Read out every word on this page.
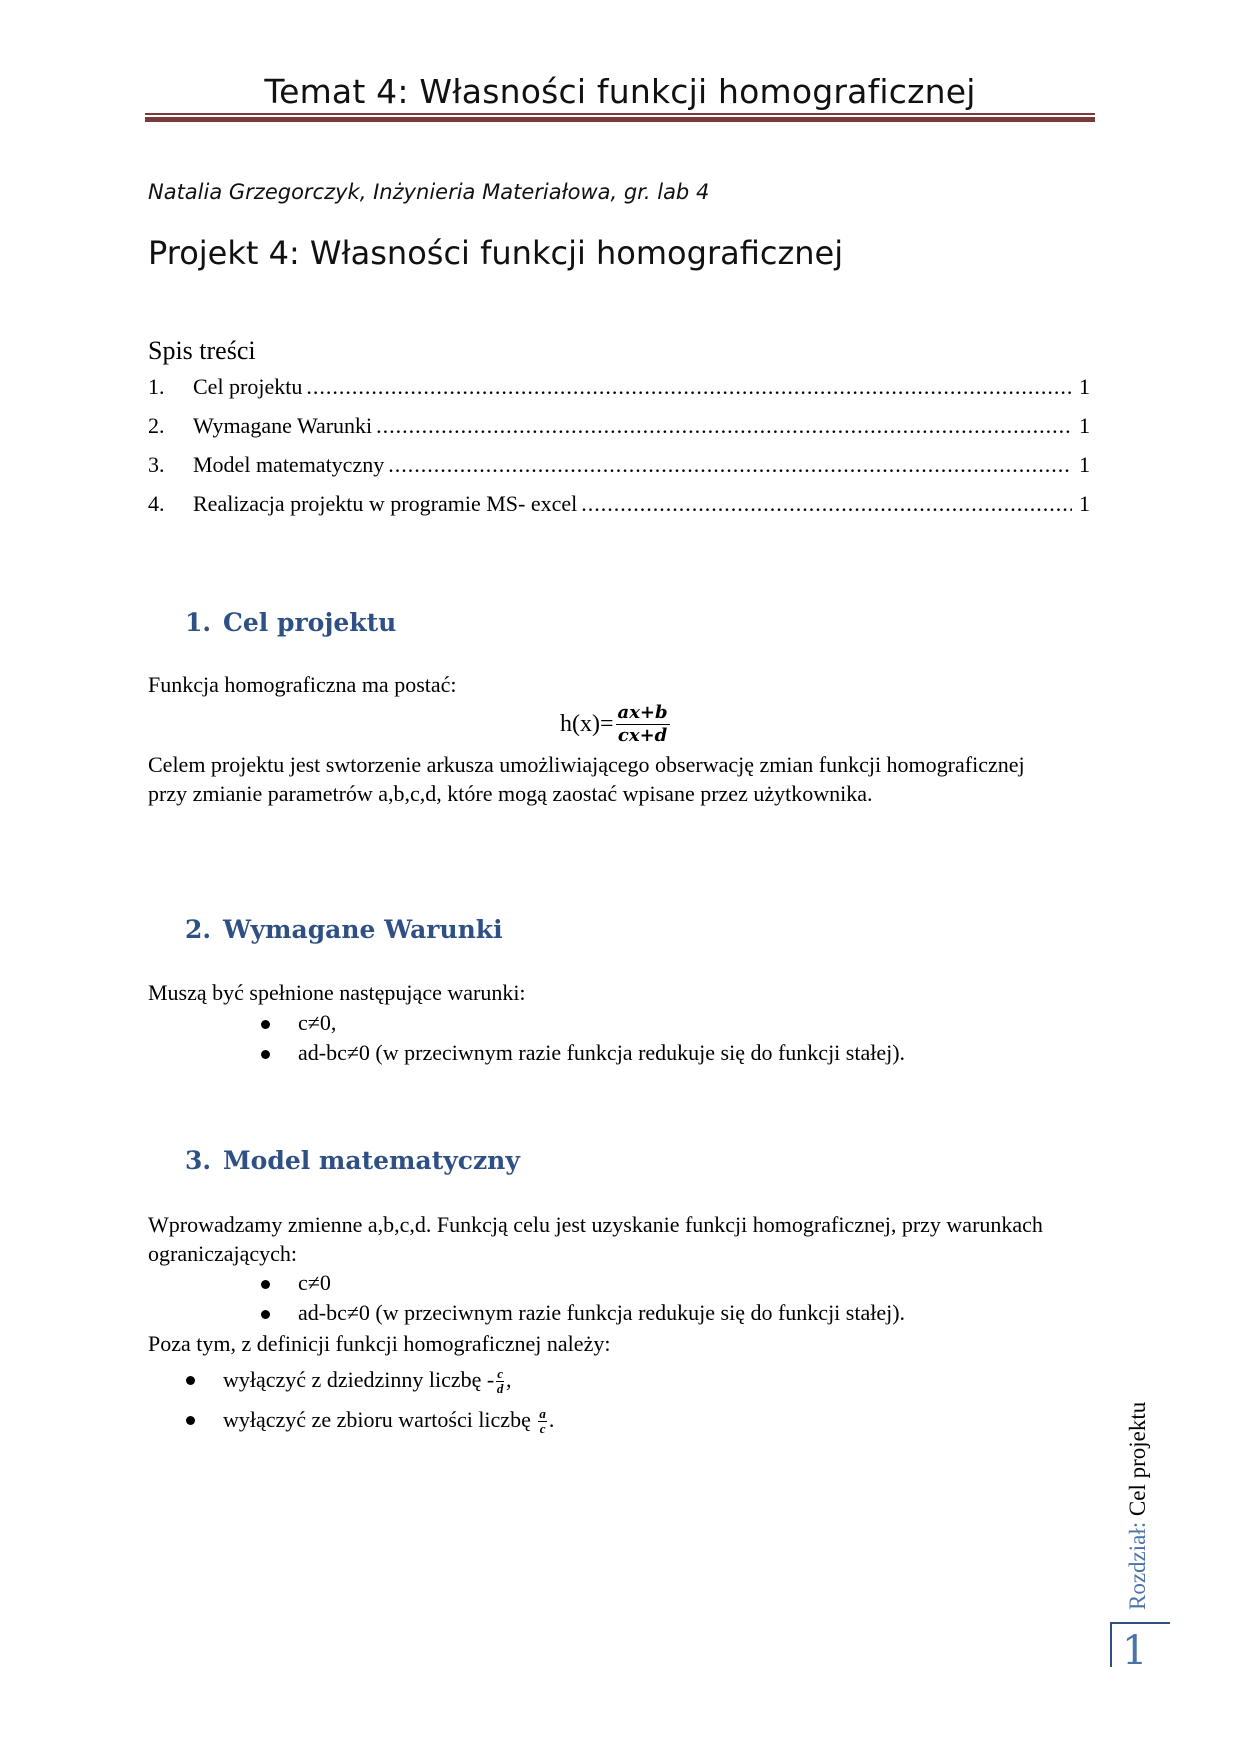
Temat 4: Własności funkcji homograficznej
Natalia Grzegorczyk, Inżynieria Materiałowa, gr. lab 4
Projekt 4: Własności funkcji homograficznej
Spis treści
1.	Cel projektu .....	1
2.	Wymagane Warunki .....	1
3.	Model matematyczny .....	1
4.	Realizacja projektu w programie MS- excel .....	1
1. Cel projektu
Funkcja homograficzna ma postać:
$h(x)= \frac{ax+b}{cx+d}$
Celem projektu jest swtorzenie arkusza umożliwiającego obserwację zmian funkcji homograficznej przy zmianie parametrów a,b,c,d, które mogą zaostać wpisane przez użytkownika.
2. Wymagane Warunki
Muszą być spełnione następujące warunki:
c≠0,
ad-bc≠0 (w przeciwnym razie funkcja redukuje się do funkcji stałej).
3. Model matematyczny
Wprowadzamy zmienne a,b,c,d. Funkcją celu jest uzyskanie funkcji homograficznej, przy warunkach ograniczających:
c≠0
ad-bc≠0 (w przeciwnym razie funkcja redukuje się do funkcji stałej).
Poza tym, z definicji funkcji homograficznej należy:
wyłączyć z dziedzinny liczbę - $\frac{c}{d}$ ,
wyłączyć ze zbioru wartości liczbę $\frac{a}{c}$ .
Rozdział: Cel projektu
1
